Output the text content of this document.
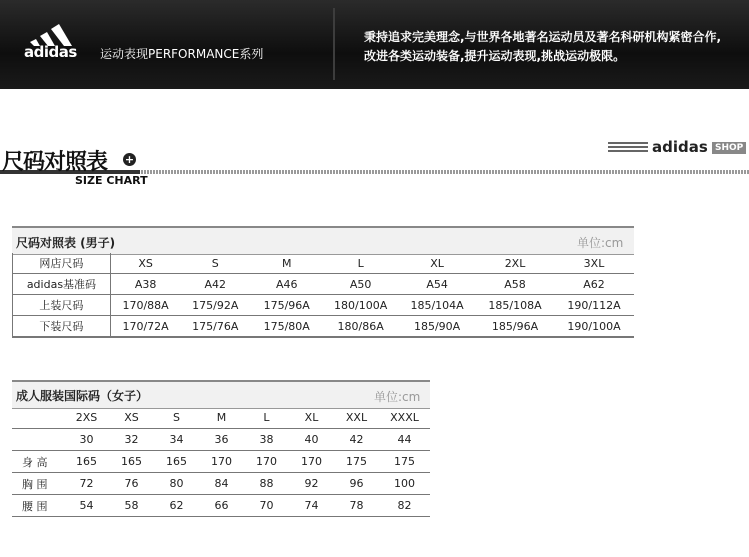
adidas 运动表现PERFORMANCE系列
秉持追求完美理念,与世界各地著名运动员及著名科研机构紧密合作,
改进各类运动装备,提升运动表现,挑战运动极限。
尺码对照表 +
SIZE CHART
adidas SHOP
尺码对照表 (男子)	单位:cm
网店尺码	XS	S	M	L	XL	2XL	3XL
adidas基准码	A38	A42	A46	A50	A54	A58	A62
上装尺码	170/88A	175/92A	175/96A	180/100A	185/104A	185/108A	190/112A
下装尺码	170/72A	175/76A	175/80A	180/86A	185/90A	185/96A	190/100A
成人服装国际码（女子）	单位:cm
	2XS	XS	S	M	L	XL	XXL	XXXL
	30	32	34	36	38	40	42	44
身 高	165	165	165	170	170	170	175	175
胸 围	72	76	80	84	88	92	96	100
腰 围	54	58	62	66	70	74	78	82
